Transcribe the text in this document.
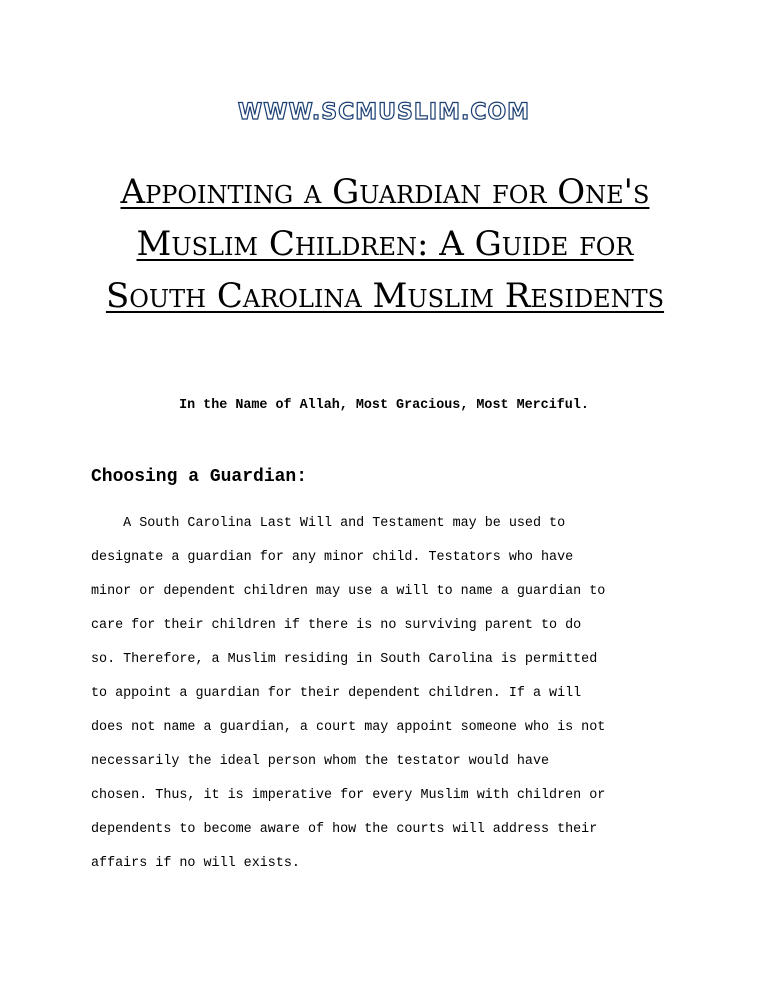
WWW.SCMUSLIM.COM
Appointing a Guardian for One's Muslim Children: A Guide for South Carolina Muslim Residents
In the Name of Allah, Most Gracious, Most Merciful.
Choosing a Guardian:
A South Carolina Last Will and Testament may be used to
designate a guardian for any minor child. Testators who have
minor or dependent children may use a will to name a guardian to
care for their children if there is no surviving parent to do
so. Therefore, a Muslim residing in South Carolina is permitted
to appoint a guardian for their dependent children. If a will
does not name a guardian, a court may appoint someone who is not
necessarily the ideal person whom the testator would have
chosen. Thus, it is imperative for every Muslim with children or
dependents to become aware of how the courts will address their
affairs if no will exists.
